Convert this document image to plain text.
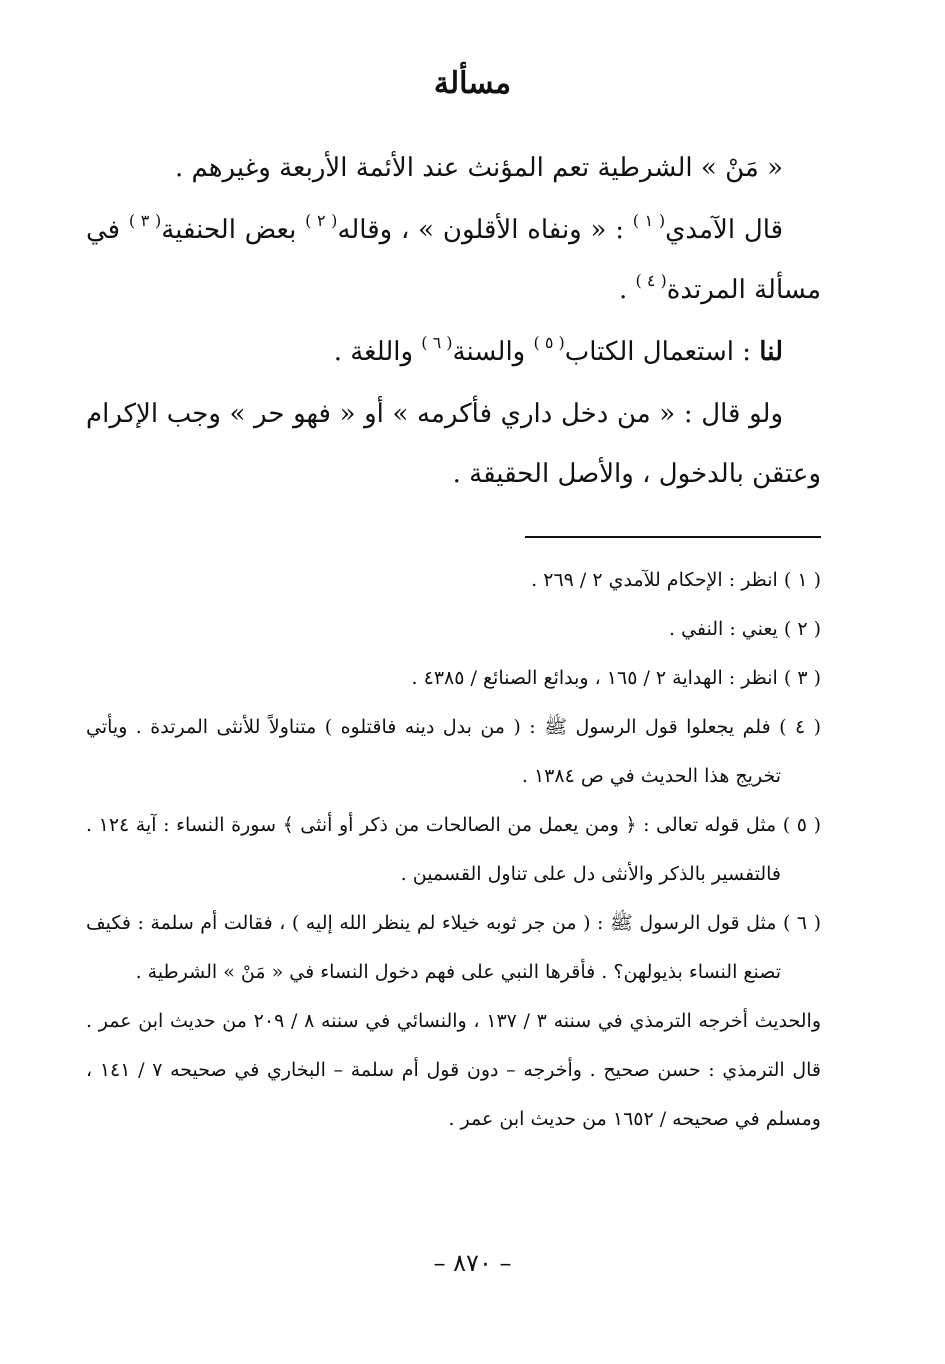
مسألة

« مَنْ » الشرطية تعم المؤنث عند الأئمة الأربعة وغيرهم .

قال الآمدي$^{( ١ )}$ : « ونفاه الأقلون » ، وقاله$^{( ٢ )}$ بعض الحنفية$^{( ٣ )}$ في مسألة المرتدة$^{( ٤ )}$ .

لنا : استعمال الكتاب$^{( ٥ )}$ والسنة$^{( ٦ )}$ واللغة .

ولو قال : « من دخل داري فأكرمه » أو « فهو حر » وجب الإكرام وعتقن بالدخول ، والأصل الحقيقة .

( ١ ) انظر : الإحكام للآمدي ٢ / ٢٦٩ .
( ٢ ) يعني : النفي .
( ٣ ) انظر : الهداية ٢ / ١٦٥ ، وبدائع الصنائع / ٤٣٨٥ .
( ٤ ) فلم يجعلوا قول الرسول ﷺ : ( من بدل دينه فاقتلوه ) متناولاً للأنثى المرتدة . ويأتي تخريج هذا الحديث في ص ١٣٨٤ .
( ٥ ) مثل قوله تعالى : ﴿ ومن يعمل من الصالحات من ذكر أو أنثى ﴾ سورة النساء : آية ١٢٤ . فالتفسير بالذكر والأنثى دل على تناول القسمين .
( ٦ ) مثل قول الرسول ﷺ : ( من جر ثوبه خيلاء لم ينظر الله إليه ) ، فقالت أم سلمة : فكيف تصنع النساء بذيولهن؟ . فأقرها النبي على فهم دخول النساء في « مَنْ » الشرطية .
والحديث أخرجه الترمذي في سننه ٣ / ١٣٧ ، والنسائي في سننه ٨ / ٢٠٩ من حديث ابن عمر . قال الترمذي : حسن صحيح . وأخرجه – دون قول أم سلمة – البخاري في صحيحه ٧ / ١٤١ ، ومسلم في صحيحه / ١٦٥٢ من حديث ابن عمر .
– ٨٧٠ –
